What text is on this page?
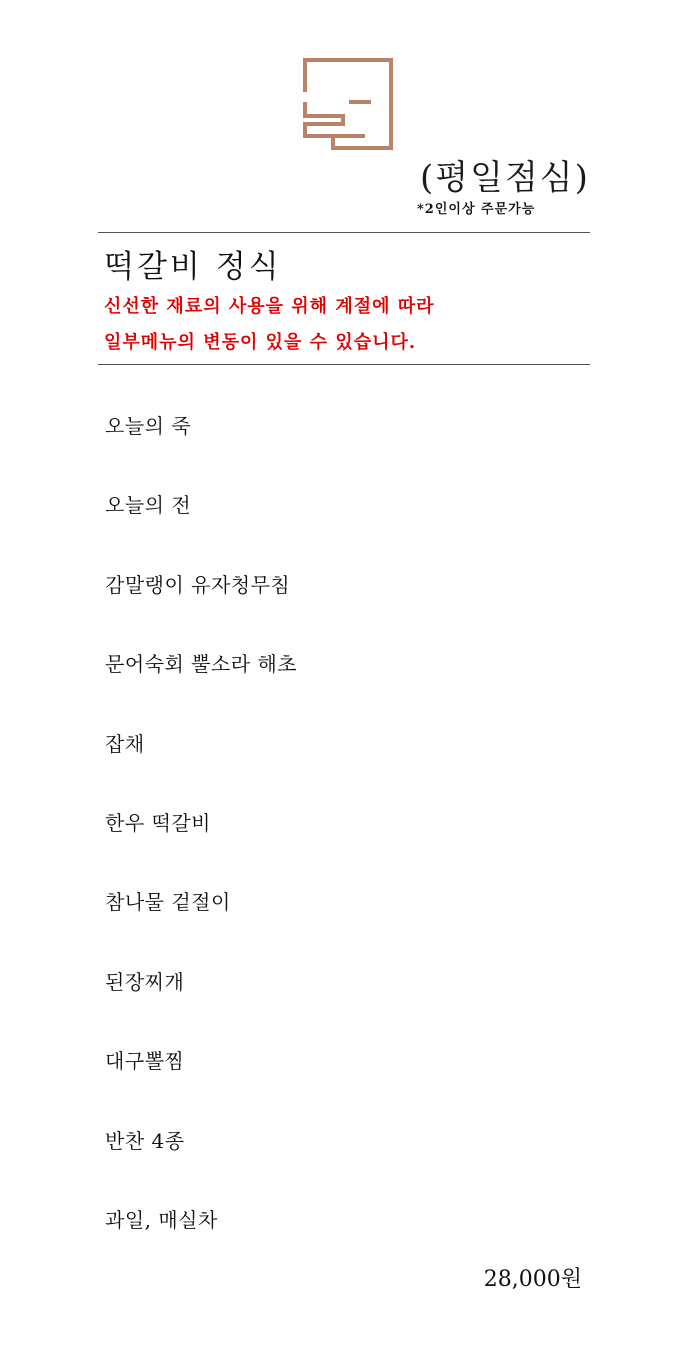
(평일점심)
*2인이상 주문가능
떡갈비 정식
신선한 재료의 사용을 위해 계절에 따라
일부메뉴의 변동이 있을 수 있습니다.
오늘의 죽
오늘의 전
감말랭이 유자청무침
문어숙회 뿔소라 해초
잡채
한우 떡갈비
참나물 겉절이
된장찌개
대구뽈찜
반찬 4종
과일, 매실차
28,000원
